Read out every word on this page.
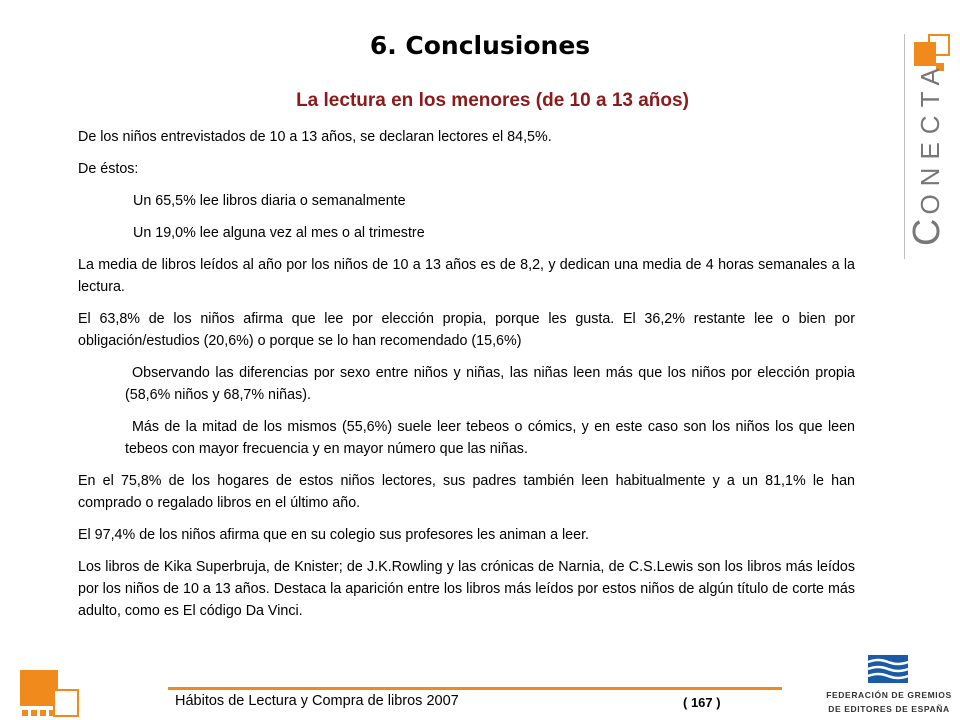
6. Conclusiones
La lectura en los menores (de 10 a 13 años)

De los niños entrevistados de 10 a 13 años, se declaran lectores el 84,5%.

De éstos:

Un 65,5% lee libros diaria o semanalmente

Un 19,0% lee alguna vez al mes o al trimestre

La media de libros leídos al año por los niños de 10 a 13 años es de 8,2, y dedican una media de 4 horas semanales a la lectura.

El 63,8% de los niños afirma que lee por elección propia, porque les gusta. El 36,2% restante lee o bien por obligación/estudios (20,6%) o porque se lo han recomendado (15,6%)

Observando las diferencias por sexo entre niños y niñas, las niñas leen más que los niños por elección propia (58,6% niños y 68,7% niñas).

Más de la mitad de los mismos (55,6%) suele leer tebeos o cómics, y en este caso son los niños los que leen tebeos con mayor frecuencia y en mayor número que las niñas.

En el 75,8% de los hogares de estos niños lectores, sus padres también leen habitualmente y a un 81,1% le han comprado o regalado libros en el último año.

El 97,4% de los niños afirma que en su colegio sus profesores les animan a leer.

Los libros de Kika Superbruja, de Knister; de J.K.Rowling y las crónicas de Narnia, de C.S.Lewis son los libros más leídos por los niños de 10 a 13 años. Destaca la aparición entre los libros más leídos por estos niños de algún título de corte más adulto, como es El código Da Vinci.

CONECTA
Hábitos de Lectura y Compra de libros 2007	( 167 )	FEDERACIÓN DE GREMIOS
DE EDITORES DE ESPAÑA
